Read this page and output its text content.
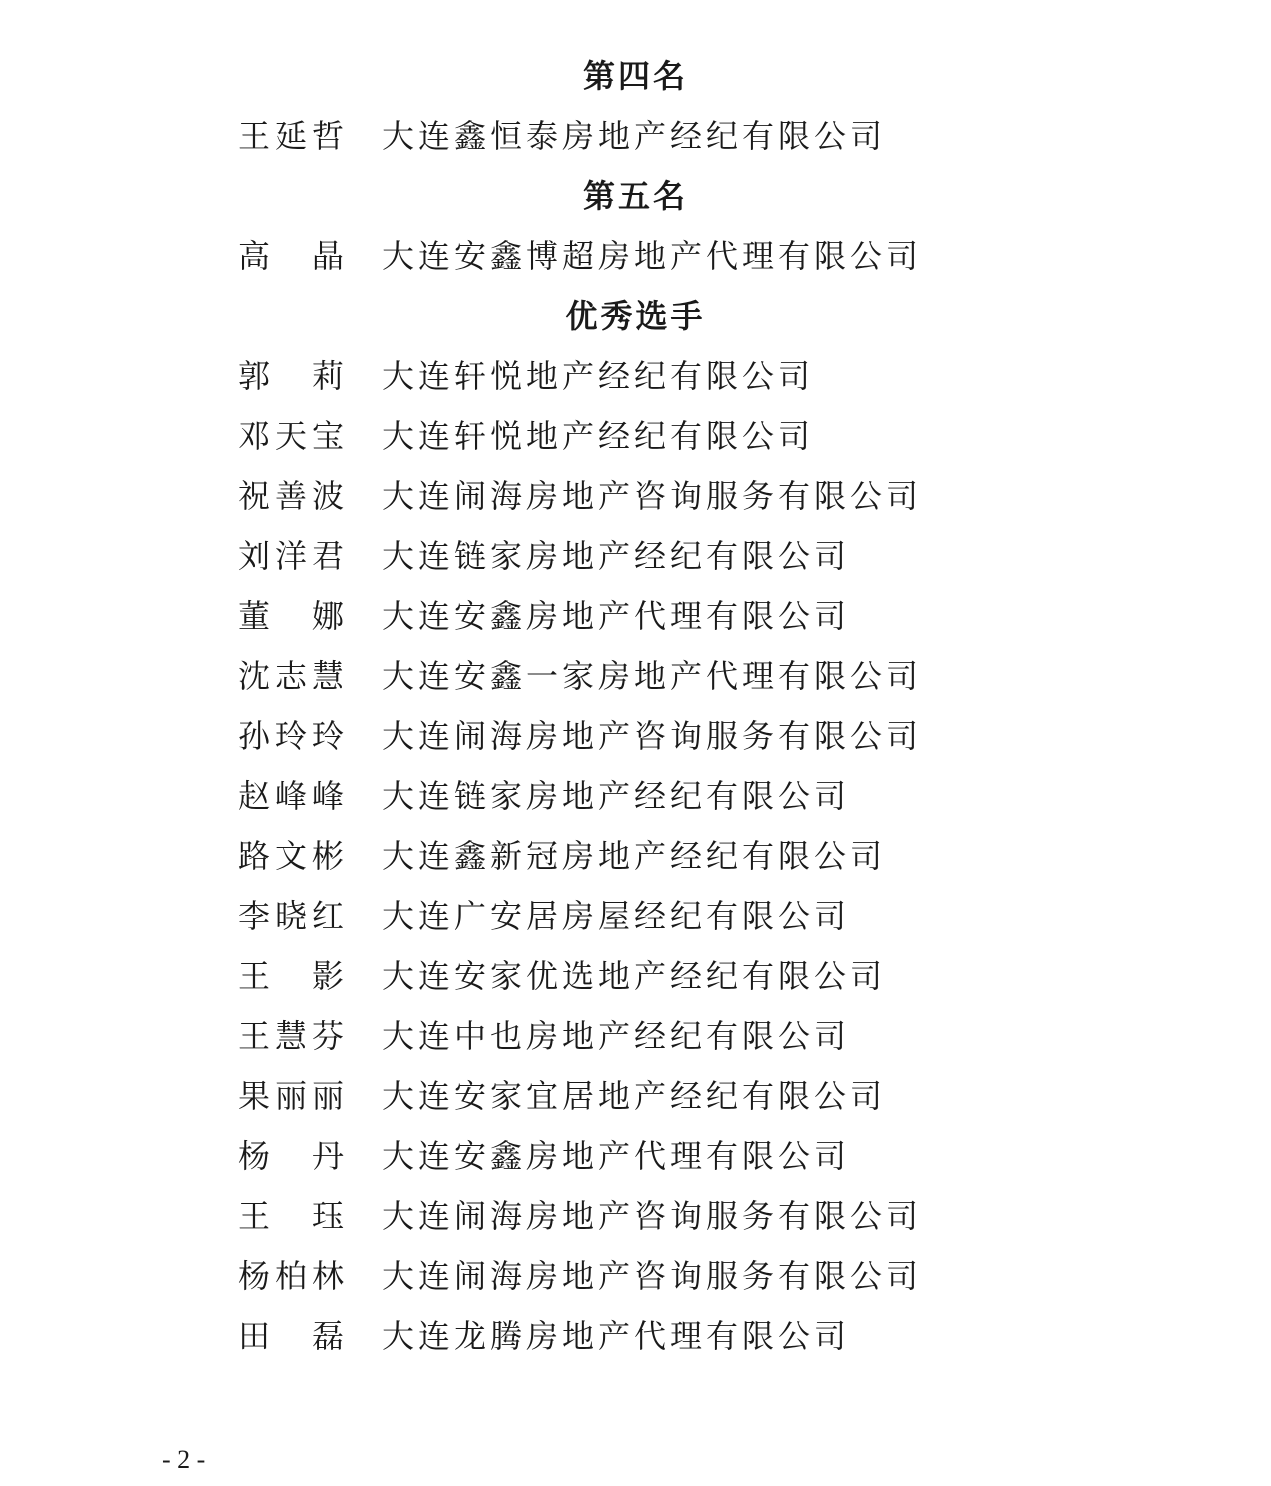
第四名
王延哲 大连鑫恒泰房地产经纪有限公司
第五名
高　晶 大连安鑫博超房地产代理有限公司
优秀选手
郭　莉 大连轩悦地产经纪有限公司
邓天宝 大连轩悦地产经纪有限公司
祝善波 大连闹海房地产咨询服务有限公司
刘洋君 大连链家房地产经纪有限公司
董　娜 大连安鑫房地产代理有限公司
沈志慧 大连安鑫一家房地产代理有限公司
孙玲玲 大连闹海房地产咨询服务有限公司
赵峰峰 大连链家房地产经纪有限公司
路文彬 大连鑫新冠房地产经纪有限公司
李晓红 大连广安居房屋经纪有限公司
王　影 大连安家优选地产经纪有限公司
王慧芬 大连中也房地产经纪有限公司
果丽丽 大连安家宜居地产经纪有限公司
杨　丹 大连安鑫房地产代理有限公司
王　珏 大连闹海房地产咨询服务有限公司
杨柏林 大连闹海房地产咨询服务有限公司
田　磊 大连龙腾房地产代理有限公司
- 2 -
